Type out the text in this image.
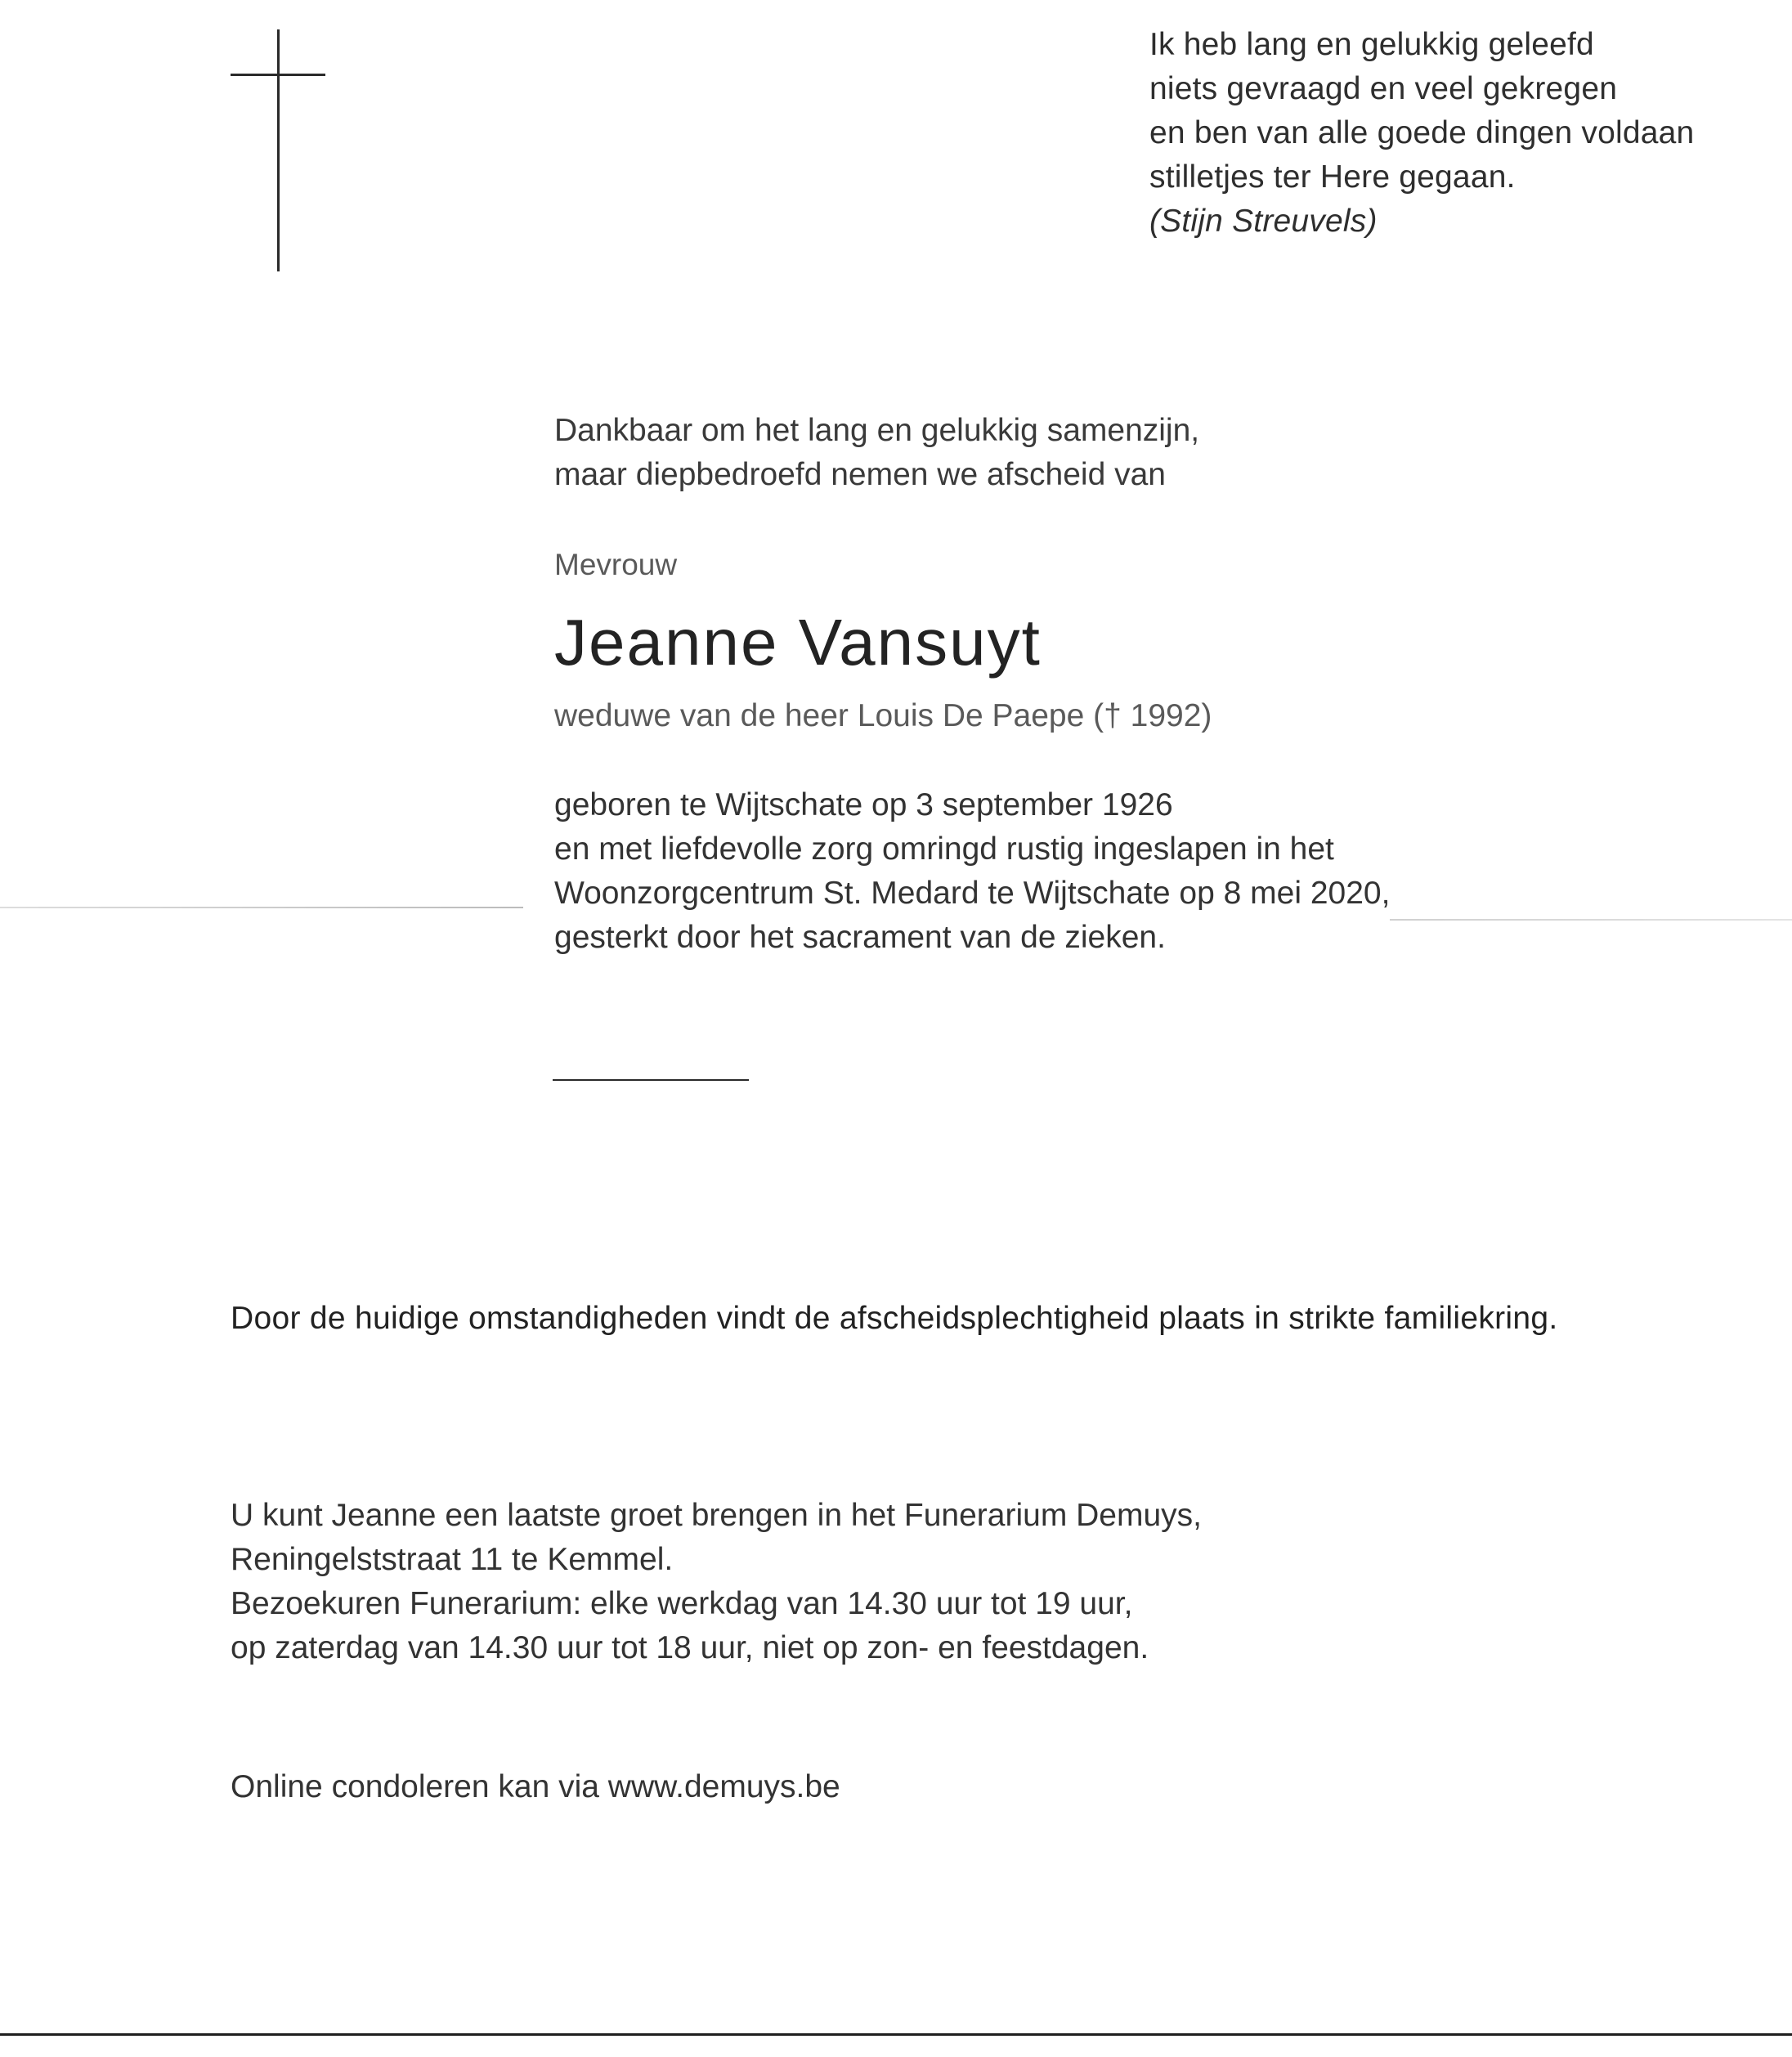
Ik heb lang en gelukkig geleefd
niets gevraagd en veel gekregen
en ben van alle goede dingen voldaan
stilletjes ter Here gegaan.
(Stijn Streuvels)
Dankbaar om het lang en gelukkig samenzijn,
maar diepbedroefd nemen we afscheid van
Mevrouw
Jeanne Vansuyt
weduwe van de heer Louis De Paepe († 1992)
geboren te Wijtschate op 3 september 1926
en met liefdevolle zorg omringd rustig ingeslapen in het
Woonzorgcentrum St. Medard te Wijtschate op 8 mei 2020,
gesterkt door het sacrament van de zieken.
Door de huidige omstandigheden vindt de afscheidsplechtigheid plaats in strikte familiekring.
U kunt Jeanne een laatste groet brengen in het Funerarium Demuys,
Reningelststraat 11 te Kemmel.
Bezoekuren Funerarium: elke werkdag van 14.30 uur tot 19 uur,
op zaterdag van 14.30 uur tot 18 uur, niet op zon- en feestdagen.
Online condoleren kan via www.demuys.be
